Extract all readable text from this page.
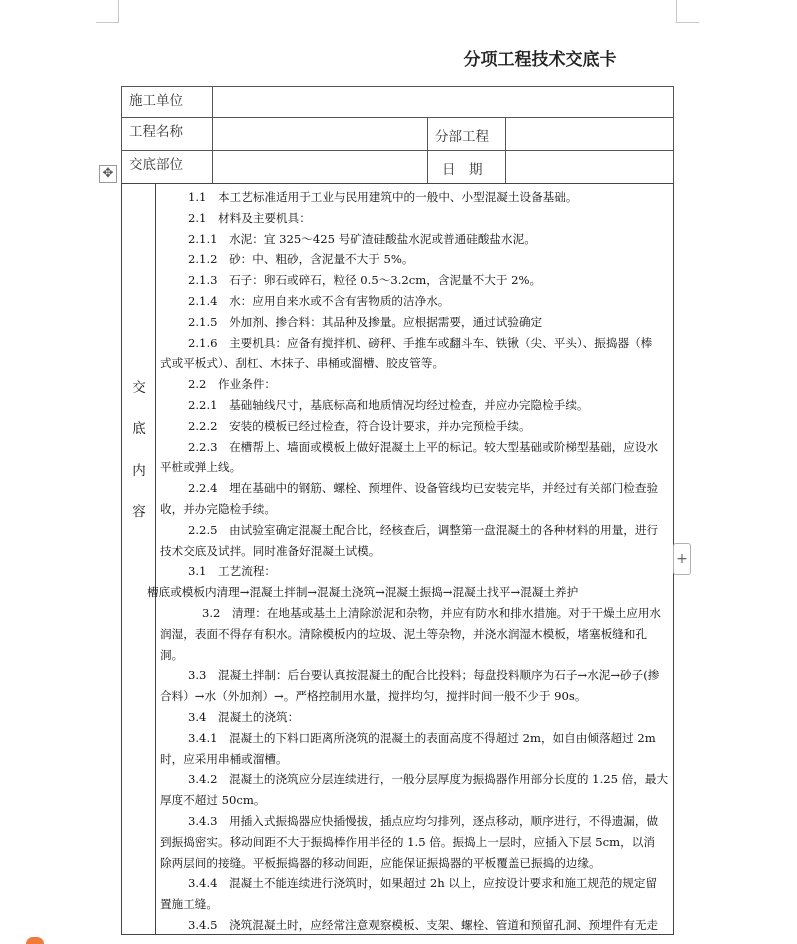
分项工程技术交底卡
施工单位
工程名称	分部工程
交底部位	日　期
✥
交
底
内
容
1.1　本工艺标准适用于工业与民用建筑中的一般中、小型混凝土设备基础。
2.1　材料及主要机具：
2.1.1　水泥：宜 325～425 号矿渣硅酸盐水泥或普通硅酸盐水泥。
2.1.2　砂：中、粗砂，含泥量不大于 5%。
2.1.3　石子：卵石或碎石，粒径 0.5～3.2cm，含泥量不大于 2%。
2.1.4　水：应用自来水或不含有害物质的洁净水。
2.1.5　外加剂、掺合料：其品种及掺量。应根据需要，通过试验确定
2.1.6　主要机具：应备有搅拌机、磅秤、手推车或翻斗车、铁锹（尖、平头）、振捣器（棒
式或平板式）、刮杠、木抹子、串桶或溜槽、胶皮管等。
2.2　作业条件：
2.2.1　基础轴线尺寸，基底标高和地质情况均经过检查，并应办完隐检手续。
2.2.2　安装的模板已经过检查，符合设计要求，并办完预检手续。
2.2.3　在槽帮上、墙面或模板上做好混凝土上平的标记。较大型基础或阶梯型基础，应设水
平桩或弹上线。
2.2.4　埋在基础中的钢筋、螺栓、预埋件、设备管线均已安装完毕，并经过有关部门检查验
收，并办完隐检手续。
2.2.5　由试验室确定混凝土配合比，经核查后，调整第一盘混凝土的各种材料的用量，进行
技术交底及试拌。同时准备好混凝土试模。
3.1　工艺流程：
槽底或模板内清理→混凝土拌制→混凝土浇筑→混凝土振捣→混凝土找平→混凝土养护
3.2　清理：在地基或基土上清除淤泥和杂物，并应有防水和排水措施。对于干燥土应用水
润湿，表面不得存有积水。清除模板内的垃圾、泥土等杂物，并浇水润湿木模板，堵塞板缝和孔
洞。
3.3　混凝土拌制：后台要认真按混凝土的配合比投料；每盘投料顺序为石子→水泥→砂子(掺
合料）→水（外加剂）→。严格控制用水量，搅拌均匀，搅拌时间一般不少于 90s。
3.4　混凝土的浇筑：
3.4.1　混凝土的下料口距离所浇筑的混凝土的表面高度不得超过 2m，如自由倾落超过 2m
时，应采用串桶或溜槽。
3.4.2　混凝土的浇筑应分层连续进行，一般分层厚度为振捣器作用部分长度的 1.25 倍，最大
厚度不超过 50cm。
3.4.3　用插入式振捣器应快插慢拔，插点应均匀排列，逐点移动，顺序进行，不得遗漏，做
到振捣密实。移动间距不大于振捣棒作用半径的 1.5 倍。振捣上一层时，应插入下层 5cm，以消
除两层间的接缝。平板振捣器的移动间距，应能保证振捣器的平板覆盖已振捣的边缘。
3.4.4　混凝土不能连续进行浇筑时，如果超过 2h 以上，应按设计要求和施工规范的规定留
置施工缝。
3.4.5　浇筑混凝土时，应经常注意观察模板、支架、螺栓、管道和预留孔洞、预埋件有无走
+
